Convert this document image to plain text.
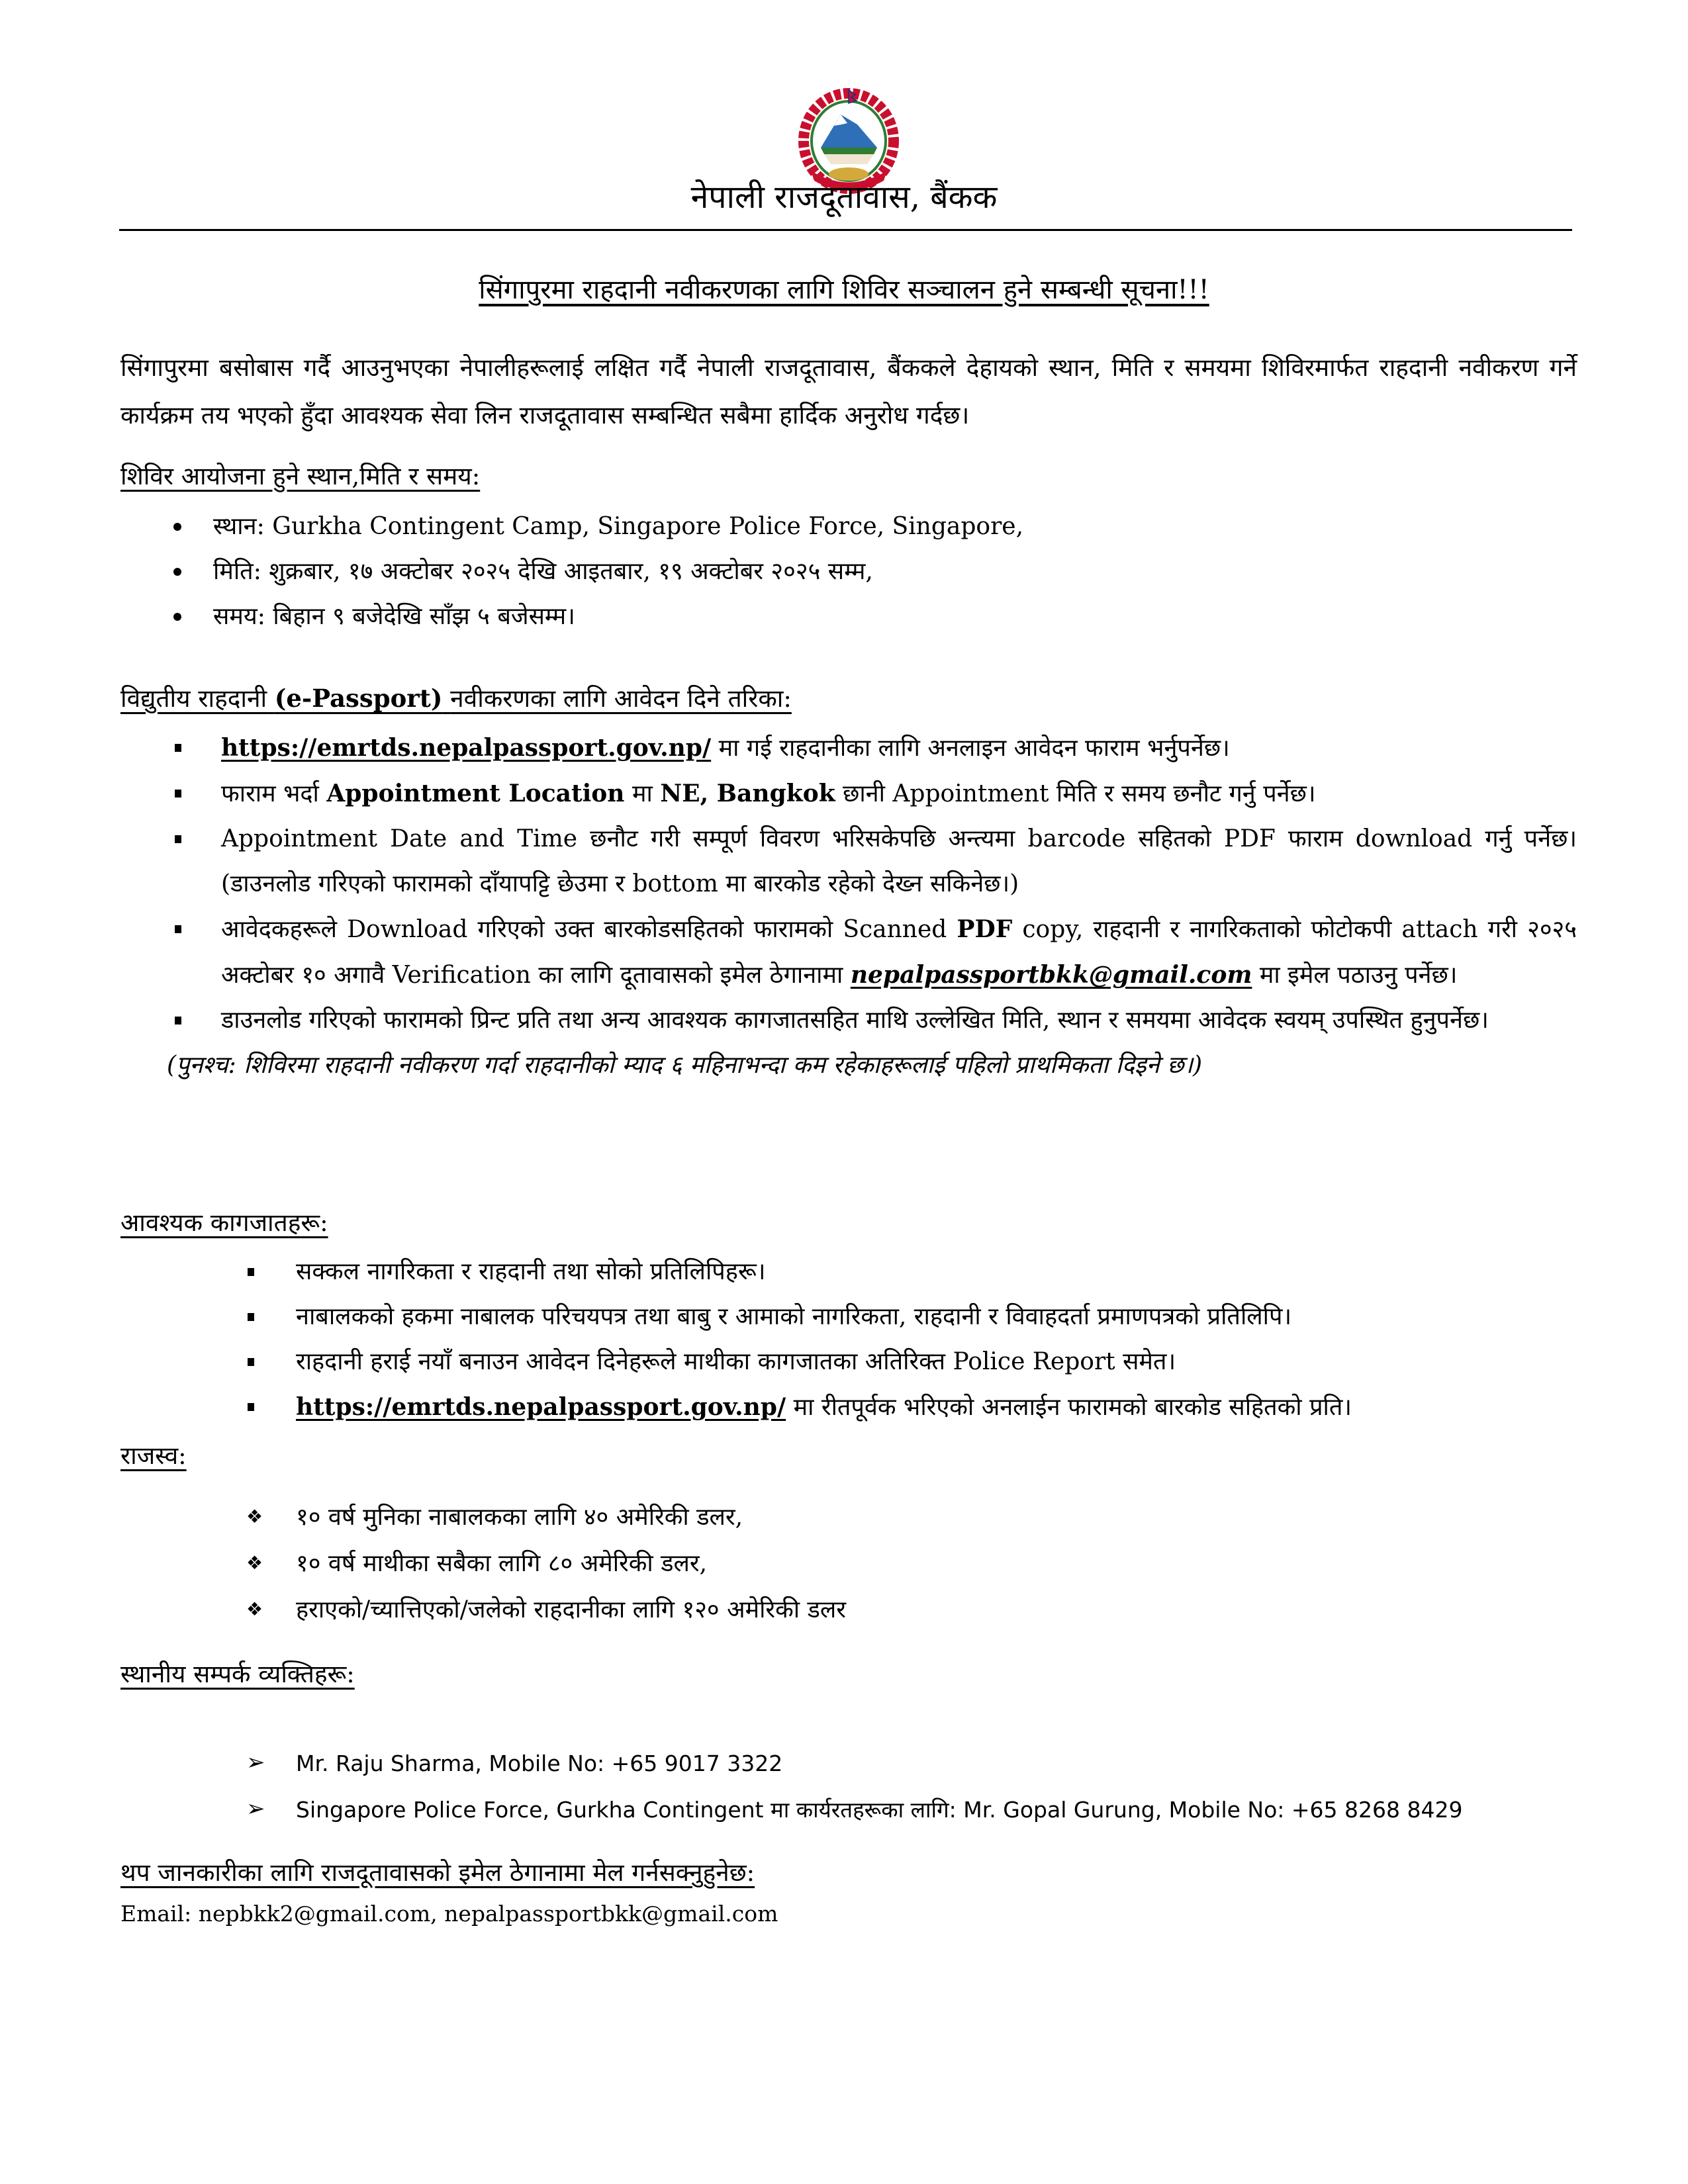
नेपाली राजदूतावास, बैंकक
सिंगापुरमा राहदानी नवीकरणका लागि शिविर सञ्चालन हुने सम्बन्धी सूचना!!!
सिंगापुरमा बसोबास गर्दै आउनुभएका नेपालीहरूलाई लक्षित गर्दै नेपाली राजदूतावास, बैंककले देहायको स्थान, मिति र समयमा शिविरमार्फत राहदानी नवीकरण गर्ने कार्यक्रम तय भएको हुँदा आवश्यक सेवा लिन राजदूतावास सम्बन्धित सबैमा हार्दिक अनुरोध गर्दछ।
शिविर आयोजना हुने स्थान,मिति र समय:
स्थान: Gurkha Contingent Camp, Singapore Police Force, Singapore,
मिति: शुक्रबार, १७ अक्टोबर २०२५ देखि आइतबार, १९ अक्टोबर २०२५ सम्म,
समय: बिहान ९ बजेदेखि साँझ ५ बजेसम्म।
विद्युतीय राहदानी (e-Passport) नवीकरणका लागि आवेदन दिने तरिका:
https://emrtds.nepalpassport.gov.np/ मा गई राहदानीका लागि अनलाइन आवेदन फाराम भर्नुपर्नेछ।
फाराम भर्दा Appointment Location मा NE, Bangkok छानी Appointment मिति र समय छनौट गर्नु पर्नेछ।
Appointment Date and Time छनौट गरी सम्पूर्ण विवरण भरिसकेपछि अन्त्यमा barcode सहितको PDF फाराम download गर्नु पर्नेछ। (डाउनलोड गरिएको फारामको दाँयापट्टि छेउमा र bottom मा बारकोड रहेको देख्न सकिनेछ।)
आवेदकहरूले Download गरिएको उक्त बारकोडसहितको फारामको Scanned PDF copy, राहदानी र नागरिकताको फोटोकपी attach गरी २०२५ अक्टोबर १० अगावै Verification का लागि दूतावासको इमेल ठेगानामा nepalpassportbkk@gmail.com मा इमेल पठाउनु पर्नेछ।
डाउनलोड गरिएको फारामको प्रिन्ट प्रति तथा अन्य आवश्यक कागजातसहित माथि उल्लेखित मिति, स्थान र समयमा आवेदक स्वयम् उपस्थित हुनुपर्नेछ।
(पुनश्च: शिविरमा राहदानी नवीकरण गर्दा राहदानीको म्याद ६ महिनाभन्दा कम रहेकाहरूलाई पहिलो प्राथमिकता दिइने छ।)
आवश्यक कागजातहरू:
सक्कल नागरिकता र राहदानी तथा सोको प्रतिलिपिहरू।
नाबालकको हकमा नाबालक परिचयपत्र तथा बाबु र आमाको नागरिकता, राहदानी र विवाहदर्ता प्रमाणपत्रको प्रतिलिपि।
राहदानी हराई नयाँ बनाउन आवेदन दिनेहरूले माथीका कागजातका अतिरिक्त Police Report समेत।
https://emrtds.nepalpassport.gov.np/ मा रीतपूर्वक भरिएको अनलाईन फारामको बारकोड सहितको प्रति।
राजस्व:
❖ १० वर्ष मुनिका नाबालकका लागि ४० अमेरिकी डलर,
❖ १० वर्ष माथीका सबैका लागि ८० अमेरिकी डलर,
❖ हराएको/च्यात्तिएको/जलेको राहदानीका लागि १२० अमेरिकी डलर
स्थानीय सम्पर्क व्यक्तिहरू:
➢ Mr. Raju Sharma, Mobile No: +65 9017 3322
➢ Singapore Police Force, Gurkha Contingent मा कार्यरतहरूका लागि: Mr. Gopal Gurung, Mobile No: +65 8268 8429
थप जानकारीका लागि राजदूतावासको इमेल ठेगानामा मेल गर्नसक्नुहुनेछ:
Email: nepbkk2@gmail.com, nepalpassportbkk@gmail.com
